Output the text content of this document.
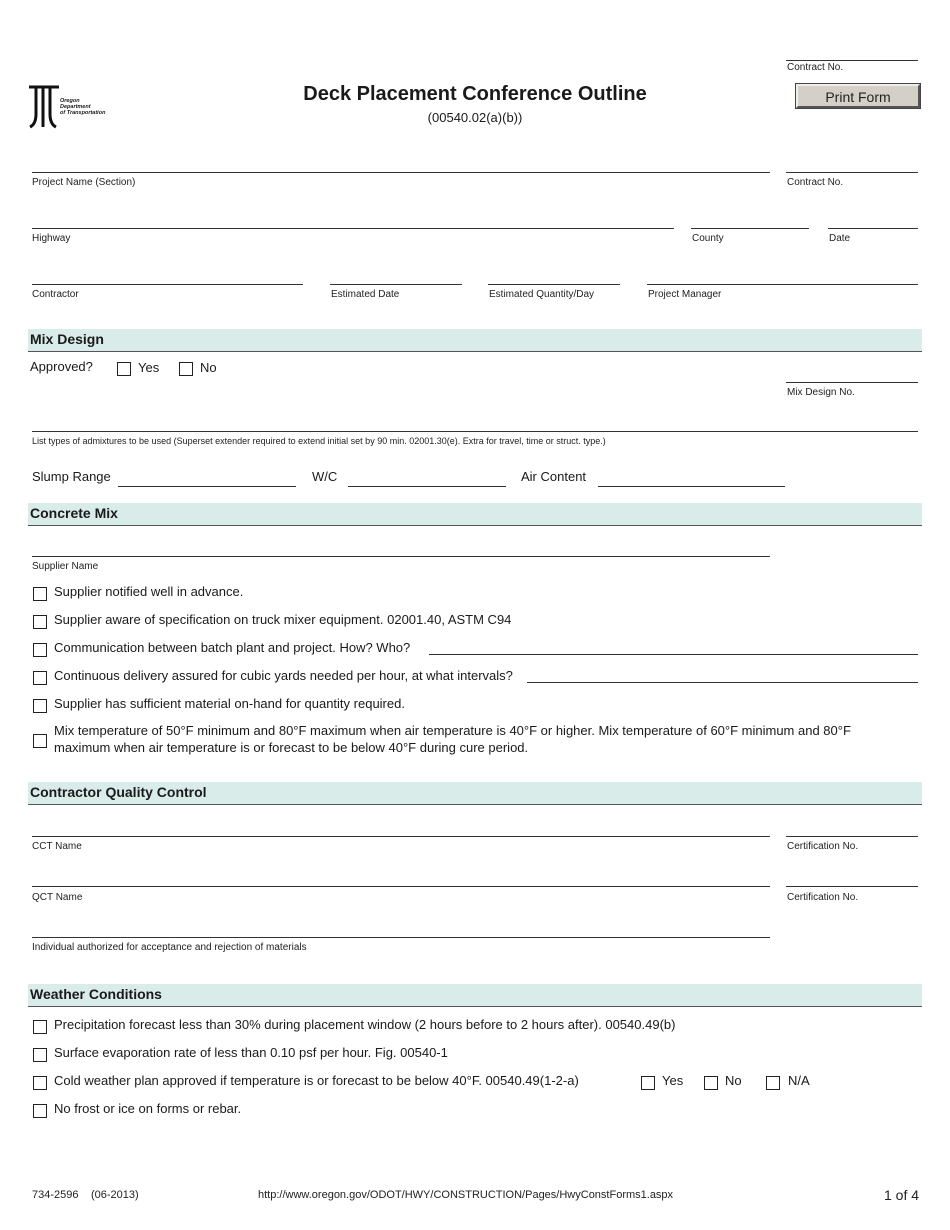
Oregon
Department
of Transportation
Deck Placement Conference Outline
(00540.02(a)(b))
Contract No.
Print Form
Project Name (Section)	Contract No.
Highway	County	Date
Contractor	Estimated Date	Estimated Quantity/Day	Project Manager
Mix Design
Approved?	Yes	No
Mix Design No.
List types of admixtures to be used (Superset extender required to extend initial set by 90 min. 02001.30(e). Extra for travel, time or struct. type.)
Slump Range	W/C	Air Content
Concrete Mix
Supplier Name
Supplier notified well in advance.
Supplier aware of specification on truck mixer equipment. 02001.40, ASTM C94
Communication between batch plant and project. How? Who?
Continuous delivery assured for cubic yards needed per hour, at what intervals?
Supplier has sufficient material on-hand for quantity required.
Mix temperature of 50°F minimum and 80°F maximum when air temperature is 40°F or higher. Mix temperature of 60°F minimum and 80°F
maximum when air temperature is or forecast to be below 40°F during cure period.
Contractor Quality Control
CCT Name	Certification No.
QCT Name	Certification No.
Individual authorized for acceptance and rejection of materials
Weather Conditions
Precipitation forecast less than 30% during placement window (2 hours before to 2 hours after). 00540.49(b)
Surface evaporation rate of less than 0.10 psf per hour. Fig. 00540-1
Cold weather plan approved if temperature is or forecast to be below 40°F. 00540.49(1-2-a)	Yes	No	N/A
No frost or ice on forms or rebar.
734-2596 (06-2013)	http://www.oregon.gov/ODOT/HWY/CONSTRUCTION/Pages/HwyConstForms1.aspx	1 of 4
